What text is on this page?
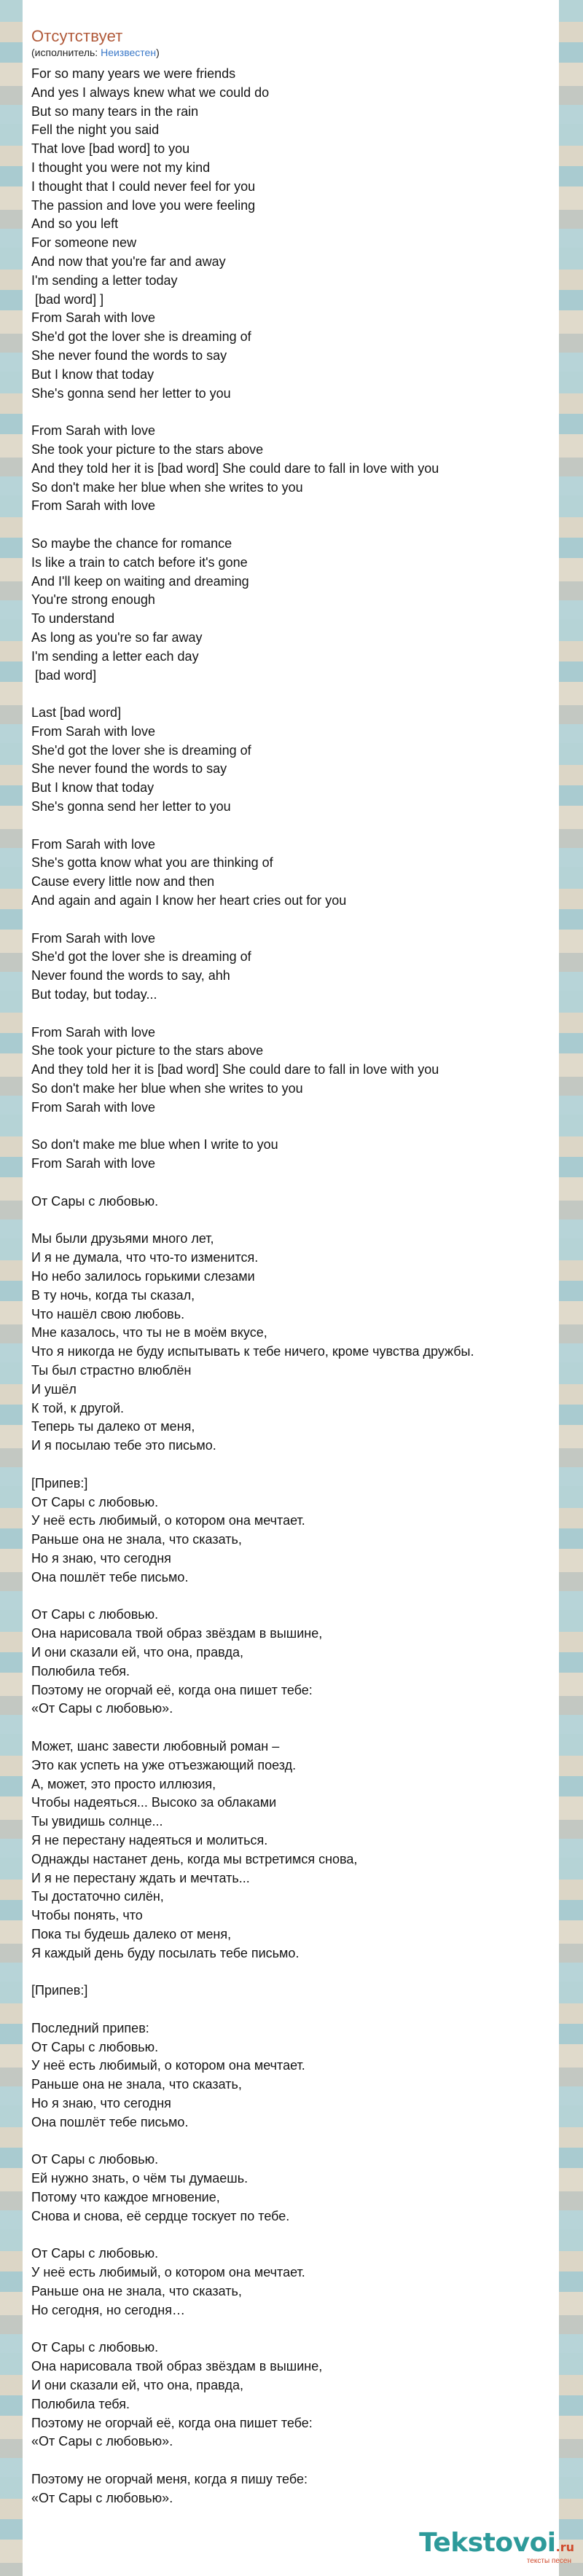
Отсутствует
(исполнитель: Неизвестен)
For so many years we were friends
And yes I always knew what we could do
But so many tears in the rain
Fell the night you said
That love [bad word] to you
I thought you were not my kind
I thought that I could never feel for you
The passion and love you were feeling
And so you left
For someone new
And now that you're far and away
I'm sending a letter today
[bad word] ]
From Sarah with love
She'd got the lover she is dreaming of
She never found the words to say
But I know that today
She's gonna send her letter to you
From Sarah with love
She took your picture to the stars above
And they told her it is [bad word] She could dare to fall in love with you
So don't make her blue when she writes to you
From Sarah with love
So maybe the chance for romance
Is like a train to catch before it's gone
And I'll keep on waiting and dreaming
You're strong enough
To understand
As long as you're so far away
I'm sending a letter each day
[bad word]
Last [bad word]
From Sarah with love
She'd got the lover she is dreaming of
She never found the words to say
But I know that today
She's gonna send her letter to you
From Sarah with love
She's gotta know what you are thinking of
Cause every little now and then
And again and again I know her heart cries out for you
From Sarah with love
She'd got the lover she is dreaming of
Never found the words to say, ahh
But today, but today...
From Sarah with love
She took your picture to the stars above
And they told her it is [bad word] She could dare to fall in love with you
So don't make her blue when she writes to you
From Sarah with love
So don't make me blue when I write to you
From Sarah with love
От Сары с любовью.
Мы были друзьями много лет,
И я не думала, что что-то изменится.
Но небо залилось горькими слезами
В ту ночь, когда ты сказал,
Что нашёл свою любовь.
Мне казалось, что ты не в моём вкусе,
Что я никогда не буду испытывать к тебе ничего, кроме чувства дружбы.
Ты был страстно влюблён
И ушёл
К той, к другой.
Теперь ты далеко от меня,
И я посылаю тебе это письмо.
[Припев:]
От Сары с любовью.
У неё есть любимый, о котором она мечтает.
Раньше она не знала, что сказать,
Но я знаю, что сегодня
Она пошлёт тебе письмо.
От Сары с любовью.
Она нарисовала твой образ звёздам в вышине,
И они сказали ей, что она, правда,
Полюбила тебя.
Поэтому не огорчай её, когда она пишет тебе:
«От Сары с любовью».
Может, шанс завести любовный роман –
Это как успеть на уже отъезжающий поезд.
А, может, это просто иллюзия,
Чтобы надеяться... Высоко за облаками
Ты увидишь солнце...
Я не перестану надеяться и молиться.
Однажды настанет день, когда мы встретимся снова,
И я не перестану ждать и мечтать...
Ты достаточно силён,
Чтобы понять, что
Пока ты будешь далеко от меня,
Я каждый день буду посылать тебе письмо.
[Припев:]
Последний припев:
От Сары с любовью.
У неё есть любимый, о котором она мечтает.
Раньше она не знала, что сказать,
Но я знаю, что сегодня
Она пошлёт тебе письмо.
От Сары с любовью.
Ей нужно знать, о чём ты думаешь.
Потому что каждое мгновение,
Снова и снова, её сердце тоскует по тебе.
От Сары с любовью.
У неё есть любимый, о котором она мечтает.
Раньше она не знала, что сказать,
Но сегодня, но сегодня…
От Сары с любовью.
Она нарисовала твой образ звёздам в вышине,
И они сказали ей, что она, правда,
Полюбила тебя.
Поэтому не огорчай её, когда она пишет тебе:
«От Сары с любовью».
Поэтому не огорчай меня, когда я пишу тебе:
«От Сары с любовью».
Tekstovoi.ru
тексты песен
